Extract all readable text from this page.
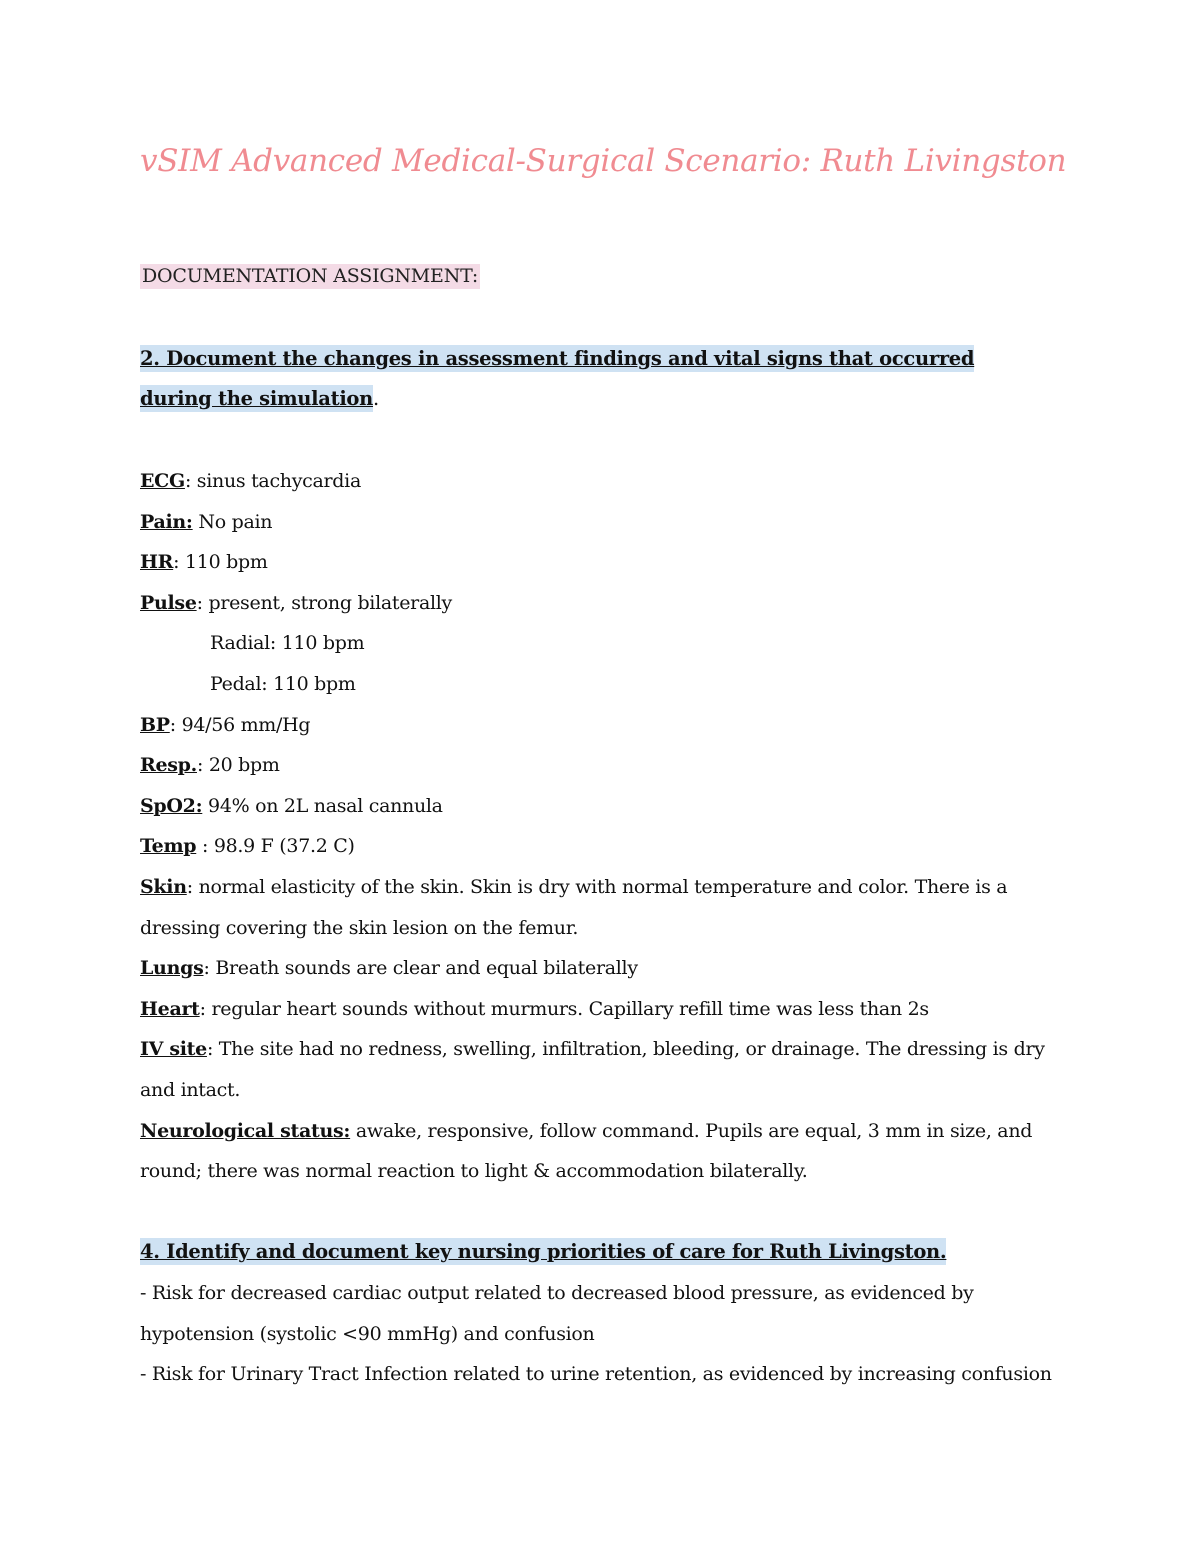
vSIM Advanced Medical-Surgical Scenario: Ruth Livingston
DOCUMENTATION ASSIGNMENT:

2. Document the changes in assessment findings and vital signs that occurred during the simulation.

ECG: sinus tachycardia

Pain: No pain

HR: 110 bpm

Pulse: present, strong bilaterally

Radial: 110 bpm

Pedal: 110 bpm

BP: 94/56 mm/Hg

Resp.: 20 bpm

SpO2: 94% on 2L nasal cannula

Temp : 98.9 F (37.2 C)

Skin: normal elasticity of the skin. Skin is dry with normal temperature and color. There is a dressing covering the skin lesion on the femur.

Lungs: Breath sounds are clear and equal bilaterally

Heart: regular heart sounds without murmurs. Capillary refill time was less than 2s

IV site: The site had no redness, swelling, infiltration, bleeding, or drainage. The dressing is dry and intact.

Neurological status: awake, responsive, follow command. Pupils are equal, 3 mm in size, and round; there was normal reaction to light & accommodation bilaterally.

4. Identify and document key nursing priorities of care for Ruth Livingston.

- Risk for decreased cardiac output related to decreased blood pressure, as evidenced by hypotension (systolic <90 mmHg) and confusion

- Risk for Urinary Tract Infection related to urine retention, as evidenced by increasing confusion
